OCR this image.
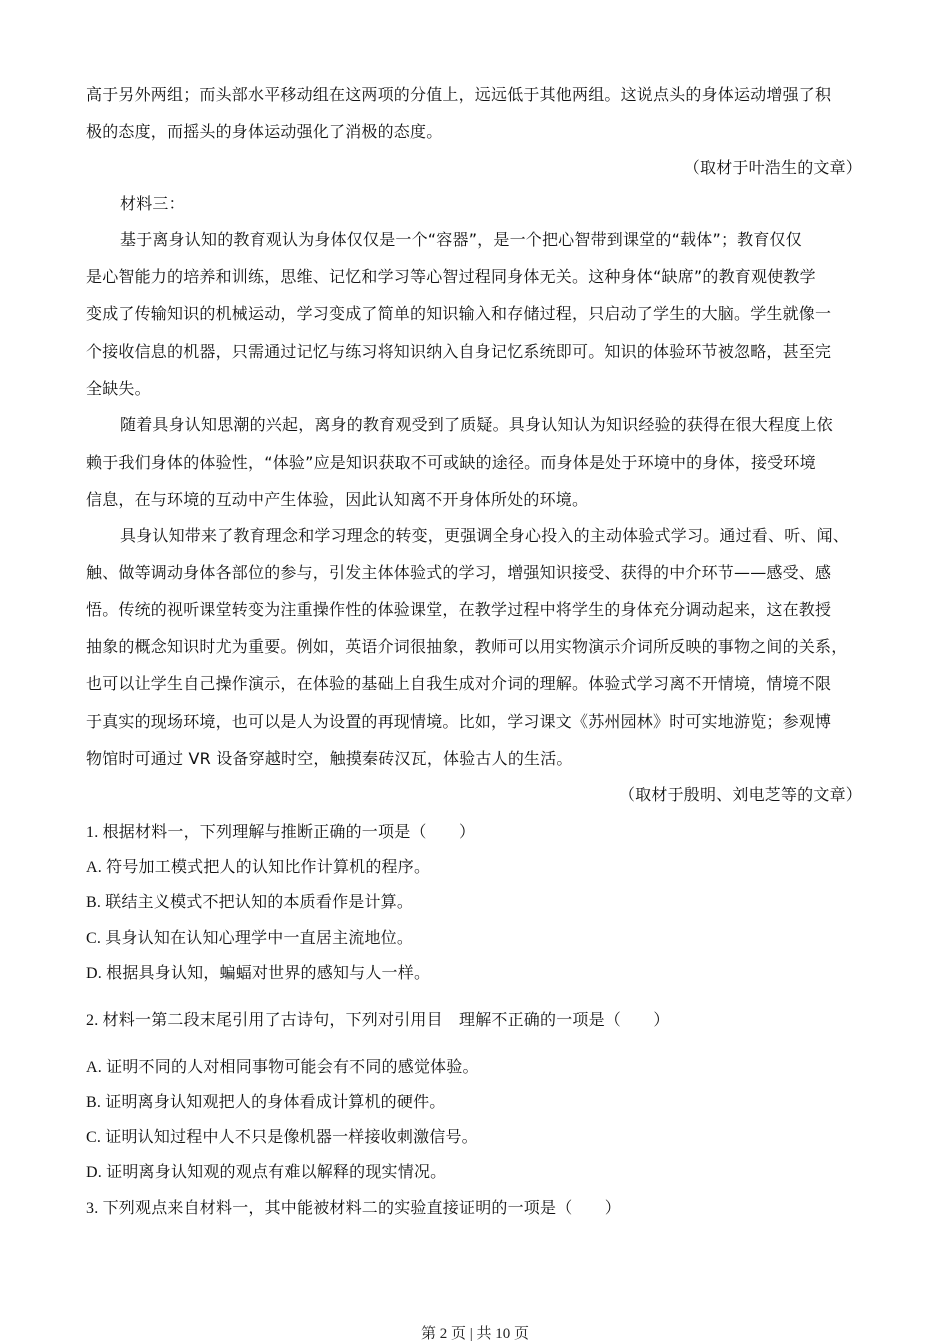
高于另外两组；而头部水平移动组在这两项的分值上，远远低于其他两组。这说点头的身体运动增强了积
极的态度，而摇头的身体运动强化了消极的态度。
（取材于叶浩生的文章）
材料三：
基于离身认知的教育观认为身体仅仅是一个“容器”，是一个把心智带到课堂的“载体”；教育仅仅
是心智能力的培养和训练，思维、记忆和学习等心智过程同身体无关。这种身体“缺席”的教育观使教学
变成了传输知识的机械运动，学习变成了简单的知识输入和存储过程，只启动了学生的大脑。学生就像一
个接收信息的机器，只需通过记忆与练习将知识纳入自身记忆系统即可。知识的体验环节被忽略，甚至完
全缺失。
随着具身认知思潮的兴起，离身的教育观受到了质疑。具身认知认为知识经验的获得在很大程度上依
赖于我们身体的体验性，“体验”应是知识获取不可或缺的途径。而身体是处于环境中的身体，接受环境
信息，在与环境的互动中产生体验，因此认知离不开身体所处的环境。
具身认知带来了教育理念和学习理念的转变，更强调全身心投入的主动体验式学习。通过看、听、闻、
触、做等调动身体各部位的参与，引发主体体验式的学习，增强知识接受、获得的中介环节——感受、感
悟。传统的视听课堂转变为注重操作性的体验课堂，在教学过程中将学生的身体充分调动起来，这在教授
抽象的概念知识时尤为重要。例如，英语介词很抽象，教师可以用实物演示介词所反映的事物之间的关系，
也可以让学生自己操作演示，在体验的基础上自我生成对介词的理解。体验式学习离不开情境，情境不限
于真实的现场环境，也可以是人为设置的再现情境。比如，学习课文《苏州园林》时可实地游览；参观博
物馆时可通过 VR 设备穿越时空，触摸秦砖汉瓦，体验古人的生活。
（取材于殷明、刘电芝等的文章）
1. 根据材料一，下列理解与推断正确的一项是（　　）
A. 符号加工模式把人的认知比作计算机的程序。
B. 联结主义模式不把认知的本质看作是计算。
C. 具身认知在认知心理学中一直居主流地位。
D. 根据具身认知，蝙蝠对世界的感知与人一样。
2. 材料一第二段末尾引用了古诗句，下列对引用目　理解不正确的一项是（　　）
A. 证明不同的人对相同事物可能会有不同的感觉体验。
B. 证明离身认知观把人的身体看成计算机的硬件。
C. 证明认知过程中人不只是像机器一样接收刺激信号。
D. 证明离身认知观的观点有难以解释的现实情况。
3. 下列观点来自材料一，其中能被材料二的实验直接证明的一项是（　　）
第 2 页 | 共 10 页
